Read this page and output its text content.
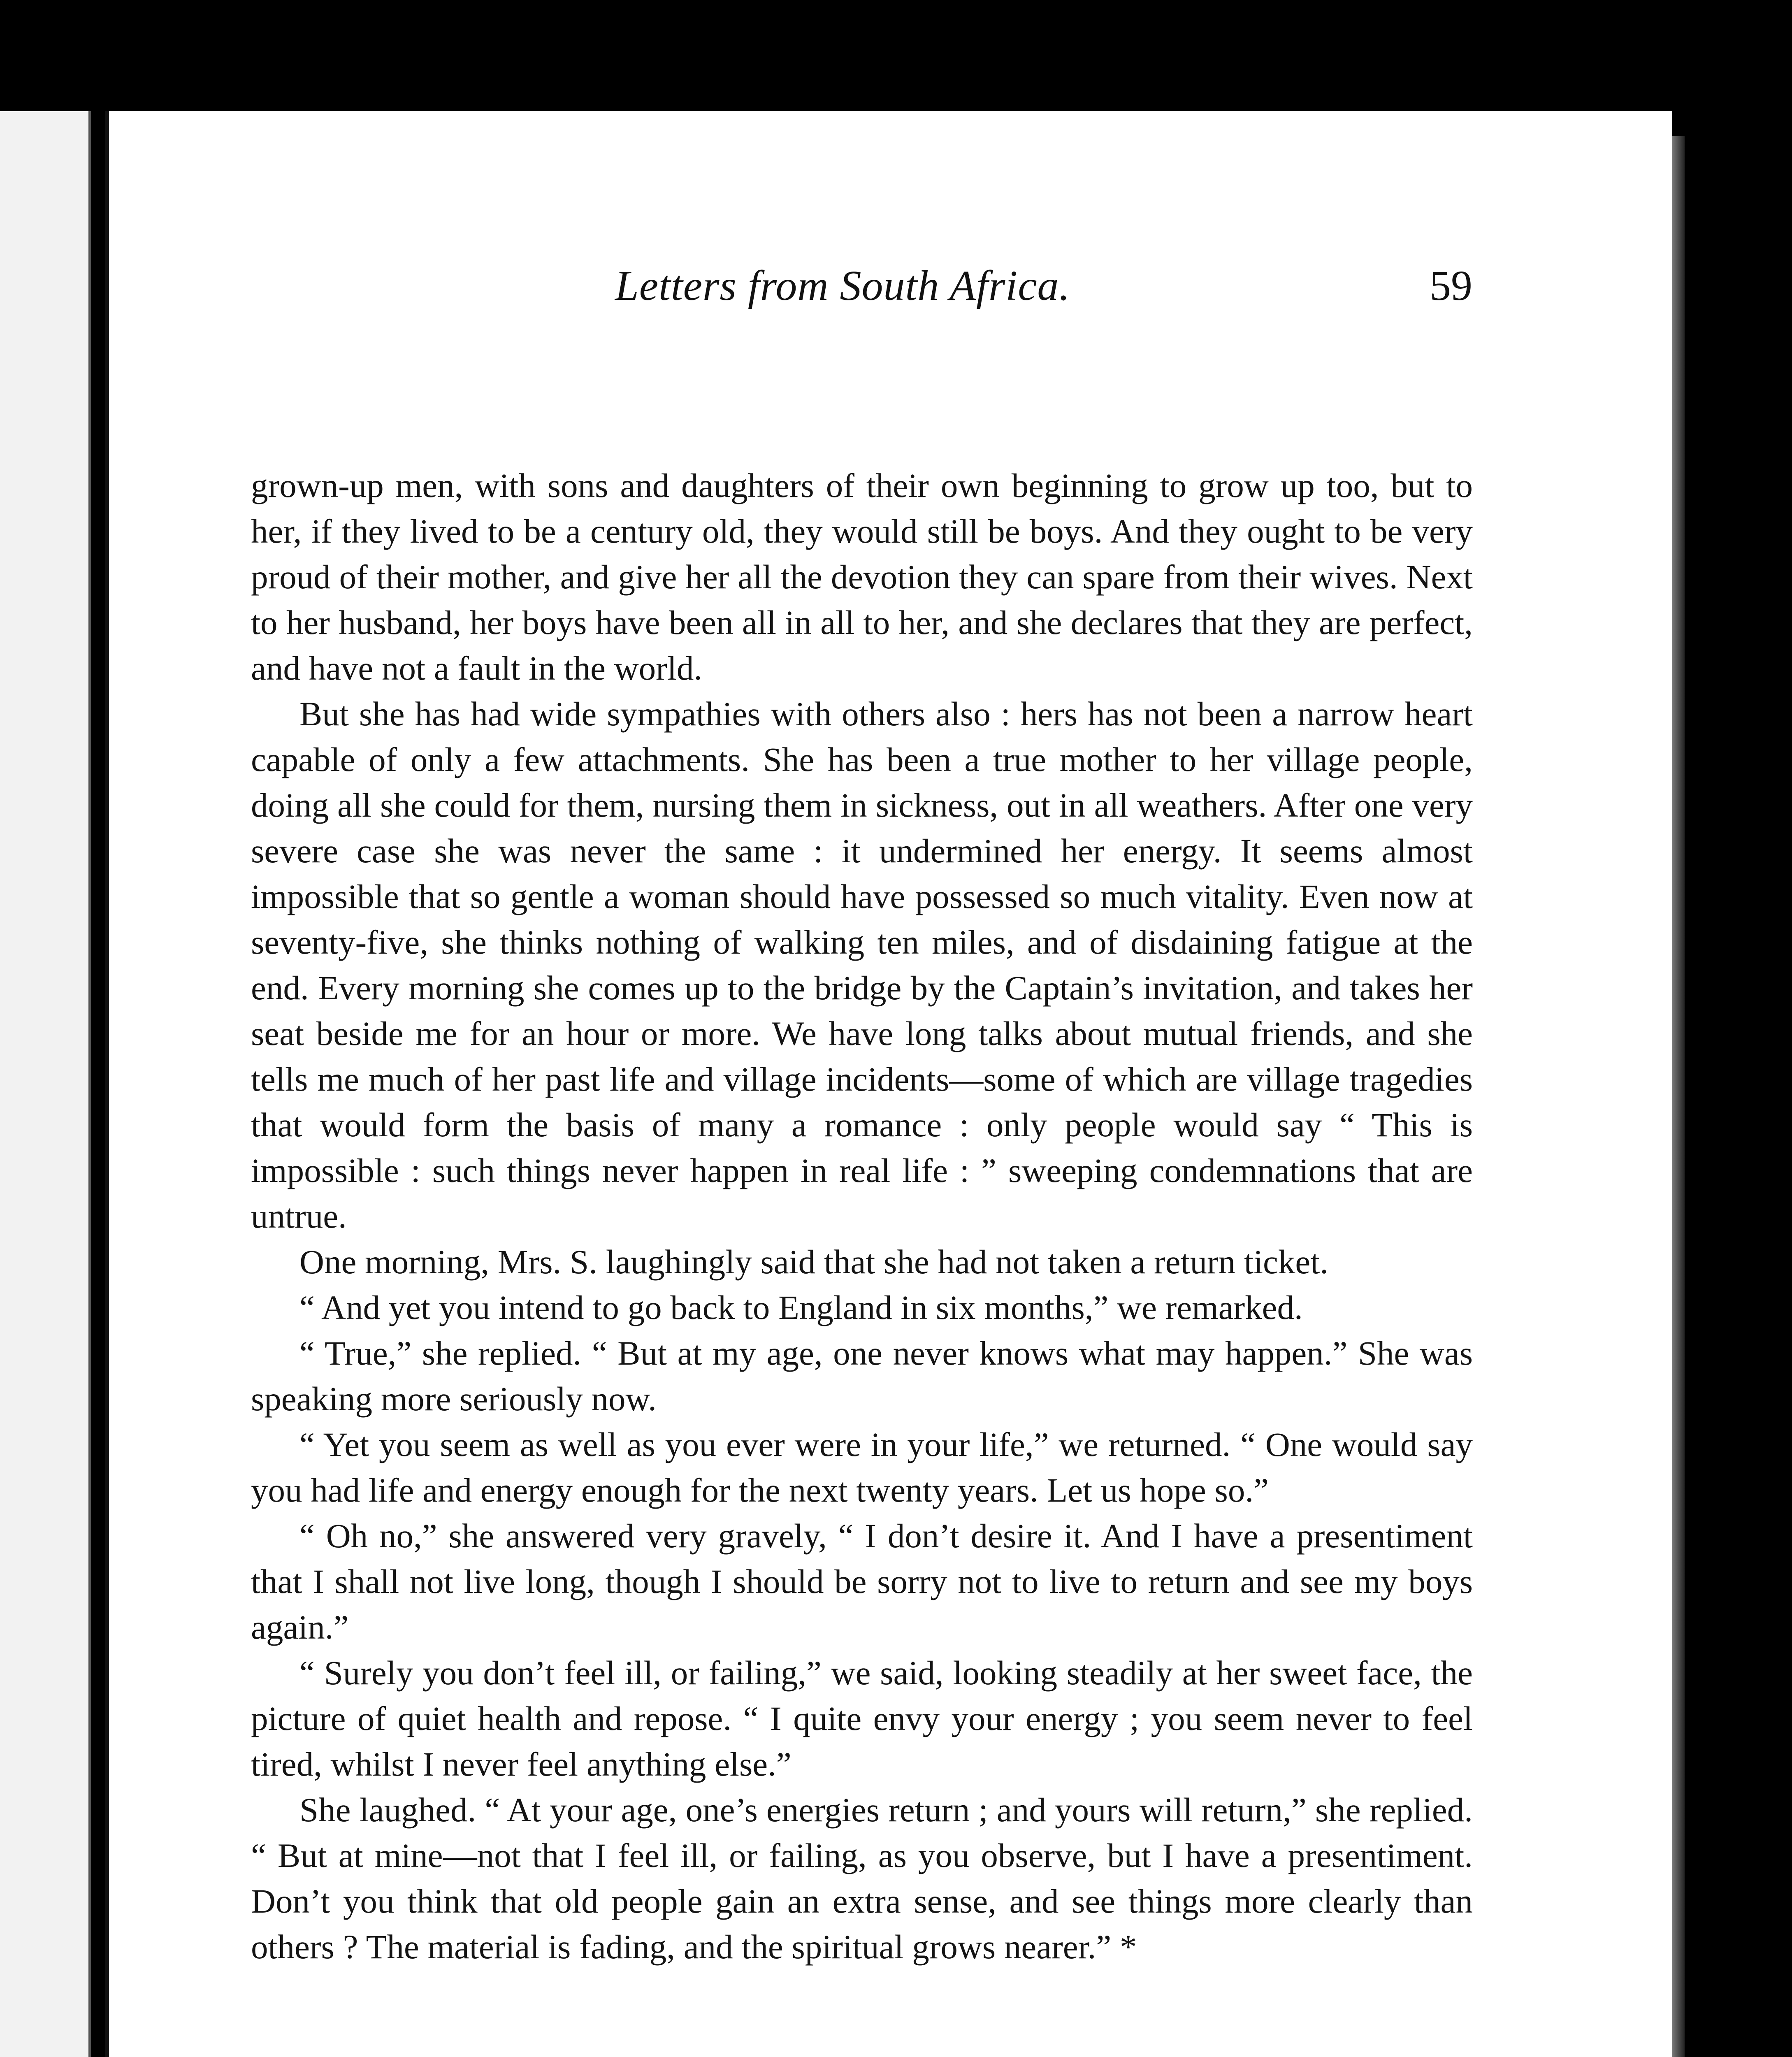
Letters from South Africa.	59

grown-up men, with sons and daughters of their own beginning to grow up too, but to her, if they lived to be a century old, they would still be boys. And they ought to be very proud of their mother, and give her all the devotion they can spare from their wives. Next to her husband, her boys have been all in all to her, and she declares that they are perfect, and have not a fault in the world.

But she has had wide sympathies with others also : hers has not been a narrow heart capable of only a few attachments. She has been a true mother to her village people, doing all she could for them, nursing them in sickness, out in all weathers. After one very severe case she was never the same : it undermined her energy. It seems almost impossible that so gentle a woman should have possessed so much vitality. Even now at seventy-five, she thinks nothing of walking ten miles, and of disdaining fatigue at the end. Every morning she comes up to the bridge by the Captain’s invitation, and takes her seat beside me for an hour or more. We have long talks about mutual friends, and she tells me much of her past life and village incidents—some of which are village tragedies that would form the basis of many a romance : only people would say “ This is impossible : such things never happen in real life : ” sweeping condemnations that are untrue.

One morning, Mrs. S. laughingly said that she had not taken a return ticket.

“ And yet you intend to go back to England in six months,” we remarked.

“ True,” she replied. “ But at my age, one never knows what may happen.” She was speaking more seriously now.

“ Yet you seem as well as you ever were in your life,” we returned. “ One would say you had life and energy enough for the next twenty years. Let us hope so.”

“ Oh no,” she answered very gravely, “ I don’t desire it. And I have a presentiment that I shall not live long, though I should be sorry not to live to return and see my boys again.”

“ Surely you don’t feel ill, or failing,” we said, looking steadily at her sweet face, the picture of quiet health and repose. “ I quite envy your energy ; you seem never to feel tired, whilst I never feel anything else.”

She laughed. “ At your age, one’s energies return ; and yours will return,” she replied. “ But at mine—not that I feel ill, or failing, as you observe, but I have a presentiment. Don’t you think that old people gain an extra sense, and see things more clearly than others ? The material is fading, and the spiritual grows nearer.” *
